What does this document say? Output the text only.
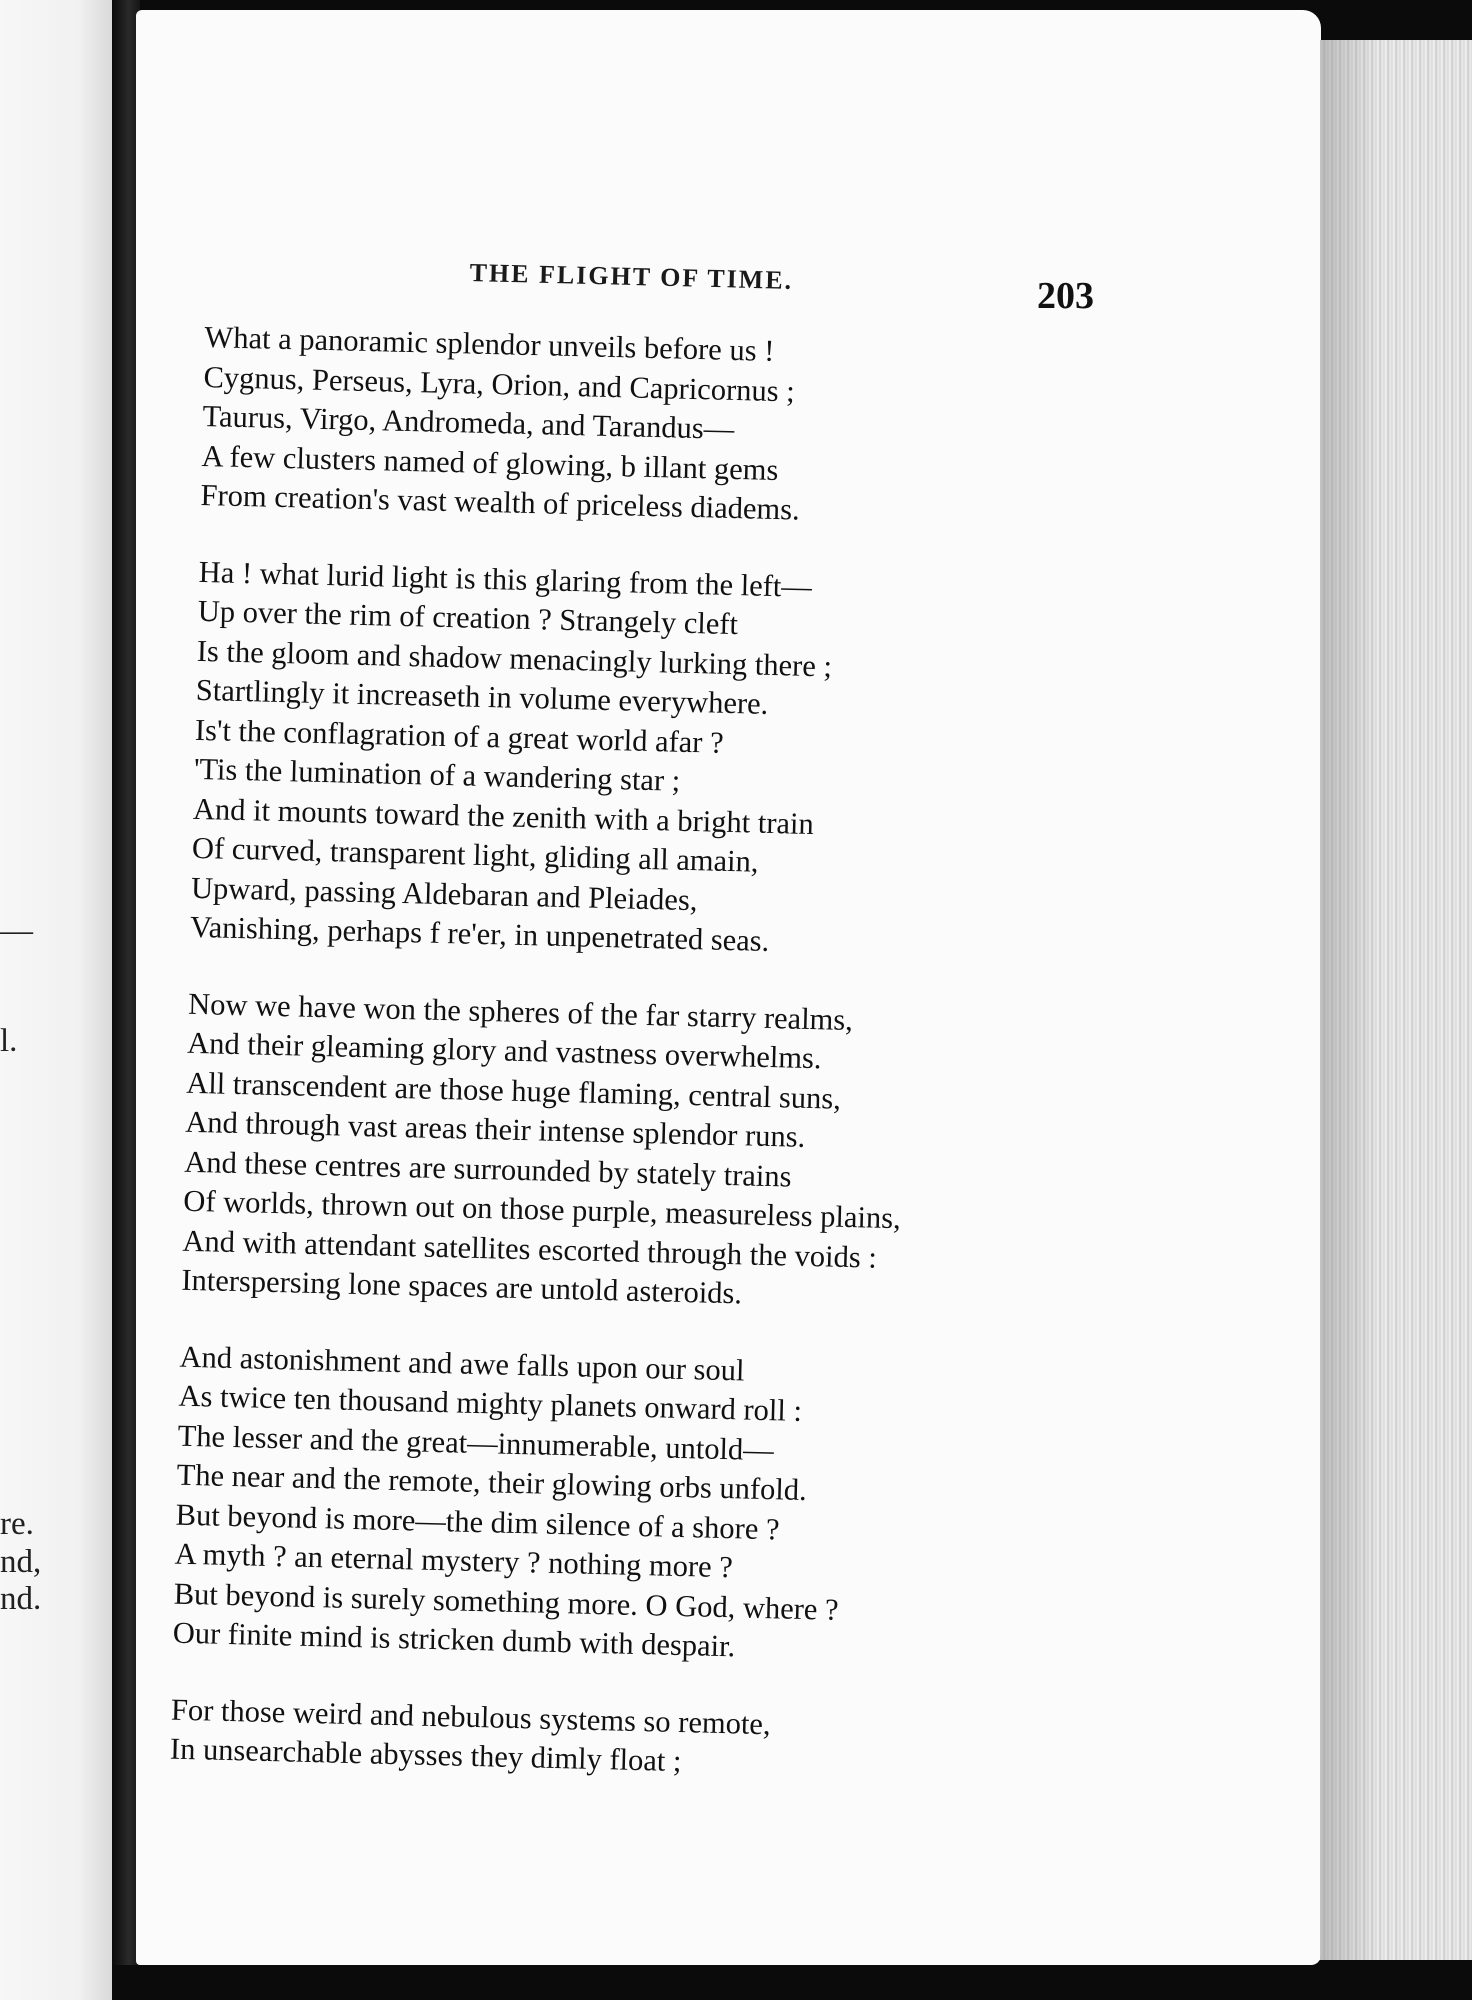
—
l.
re.
nd,
nd.
THE FLIGHT OF TIME.	203
What a panoramic splendor unveils before us !
Cygnus, Perseus, Lyra, Orion, and Capricornus ;
Taurus, Virgo, Andromeda, and Tarandus—
A few clusters named of glowing, b illant gems
From creation's vast wealth of priceless diadems.
Ha ! what lurid light is this glaring from the left—
Up over the rim of creation ? Strangely cleft
Is the gloom and shadow menacingly lurking there ;
Startlingly it increaseth in volume everywhere.
Is't the conflagration of a great world afar ?
'Tis the lumination of a wandering star ;
And it mounts toward the zenith with a bright train
Of curved, transparent light, gliding all amain,
Upward, passing Aldebaran and Pleiades,
Vanishing, perhaps f re'er, in unpenetrated seas.
Now we have won the spheres of the far starry realms,
And their gleaming glory and vastness overwhelms.
All transcendent are those huge flaming, central suns,
And through vast areas their intense splendor runs.
And these centres are surrounded by stately trains
Of worlds, thrown out on those purple, measureless plains,
And with attendant satellites escorted through the voids :
Interspersing lone spaces are untold asteroids.
And astonishment and awe falls upon our soul
As twice ten thousand mighty planets onward roll :
The lesser and the great—innumerable, untold—
The near and the remote, their glowing orbs unfold.
But beyond is more—the dim silence of a shore ?
A myth ? an eternal mystery ? nothing more ?
But beyond is surely something more. O God, where ?
Our finite mind is stricken dumb with despair.
For those weird and nebulous systems so remote,
In unsearchable abysses they dimly float ;
